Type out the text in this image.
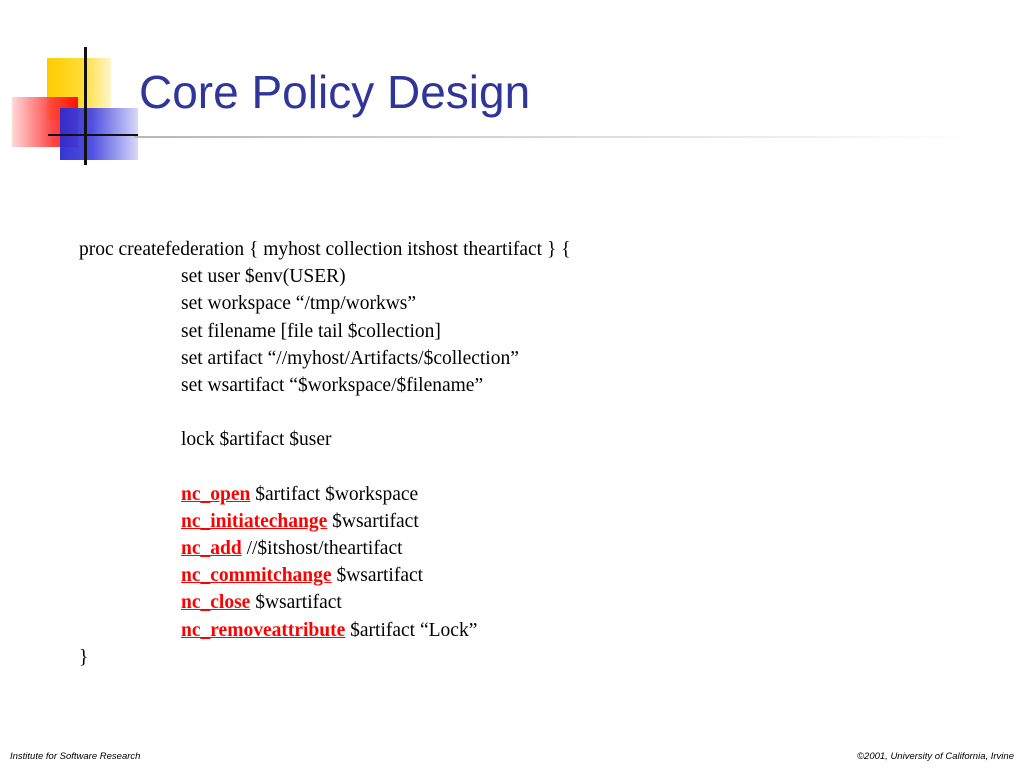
Core Policy Design
proc createfederation { myhost collection itshost theartifact } {
set user $env(USER)
set workspace “/tmp/workws”
set filename [file tail $collection]
set artifact “//myhost/Artifacts/$collection”
set wsartifact “$workspace/$filename”
lock $artifact $user
nc_open $artifact $workspace
nc_initiatechange $wsartifact
nc_add //$itshost/theartifact
nc_commitchange $wsartifact
nc_close $wsartifact
nc_removeattribute $artifact “Lock”
}
Institute for Software Research	©2001, University of California, Irvine
